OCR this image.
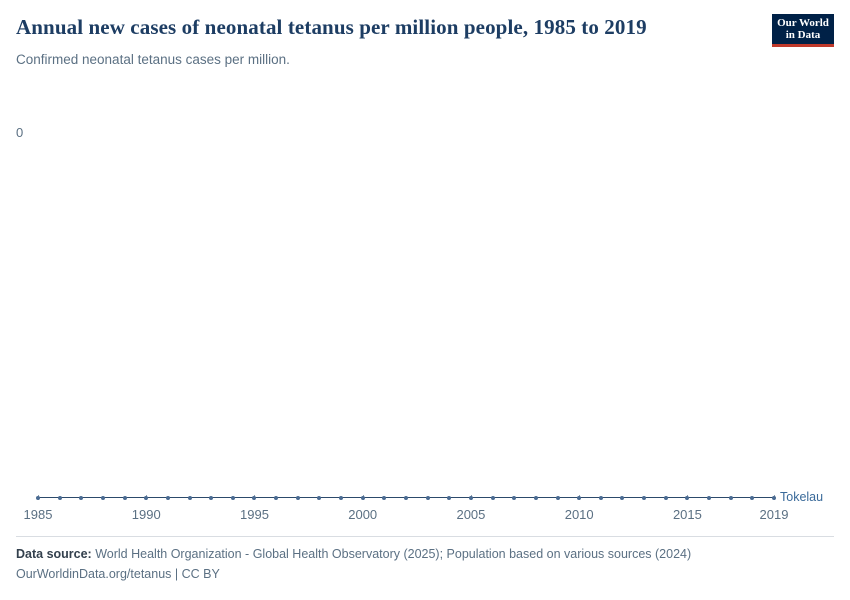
Annual new cases of neonatal tetanus per million people, 1985 to 2019
Confirmed neonatal tetanus cases per million.
Our World
in Data
0
Tokelau
1985	1990	1995	2000	2005	2010	2015	2019
Data source: World Health Organization - Global Health Observatory (2025); Population based on various sources (2024)
OurWorldinData.org/tetanus | CC BY
